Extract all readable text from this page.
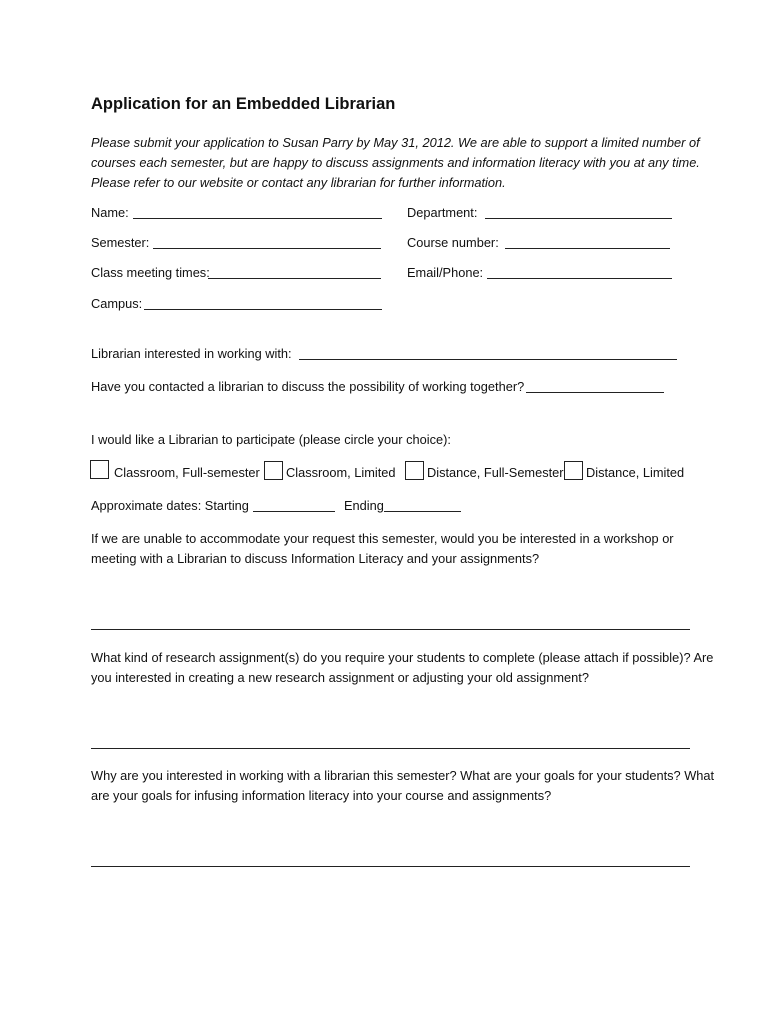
Application for an Embedded Librarian
Please submit your application to Susan Parry by May 31, 2012. We are able to support a limited number of
courses each semester, but are happy to discuss assignments and information literacy with you at any time.
Please refer to our website or contact any librarian for further information.
Name:	Department:
Semester:	Course number:
Class meeting times:	Email/Phone:
Campus:
Librarian interested in working with:
Have you contacted a librarian to discuss the possibility of working together?
I would like a Librarian to participate (please circle your choice):
Classroom, Full-semester Classroom, Limited Distance, Full-Semester Distance, Limited
Approximate dates: Starting	Ending
If we are unable to accommodate your request this semester, would you be interested in a workshop or
meeting with a Librarian to discuss Information Literacy and your assignments?
What kind of research assignment(s) do you require your students to complete (please attach if possible)? Are
you interested in creating a new research assignment or adjusting your old assignment?
Why are you interested in working with a librarian this semester? What are your goals for your students? What
are your goals for infusing information literacy into your course and assignments?
